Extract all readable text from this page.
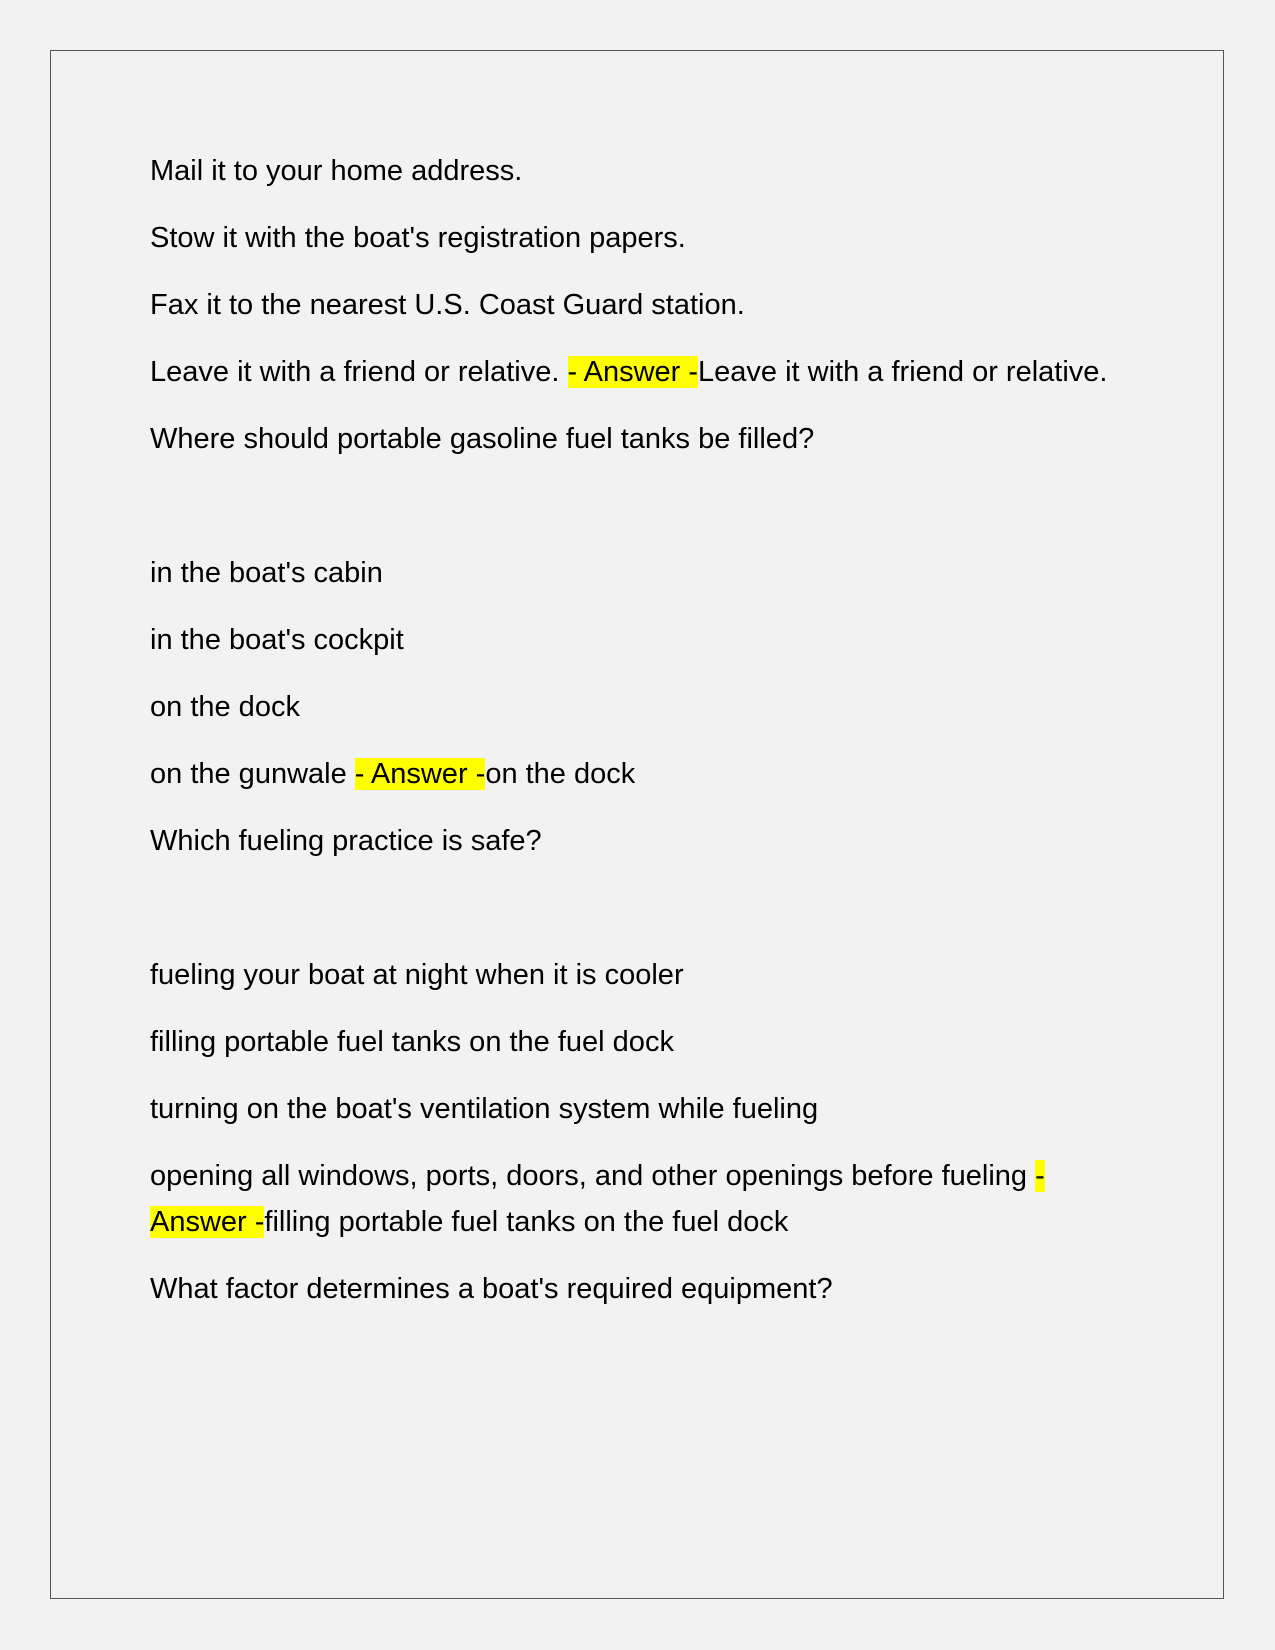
Mail it to your home address.

Stow it with the boat's registration papers.

Fax it to the nearest U.S. Coast Guard station.

Leave it with a friend or relative. - Answer -Leave it with a friend or relative.

Where should portable gasoline fuel tanks be filled?

in the boat's cabin

in the boat's cockpit

on the dock

on the gunwale - Answer -on the dock

Which fueling practice is safe?

fueling your boat at night when it is cooler

filling portable fuel tanks on the fuel dock

turning on the boat's ventilation system while fueling

opening all windows, ports, doors, and other openings before fueling - Answer -filling portable fuel tanks on the fuel dock

What factor determines a boat's required equipment?
